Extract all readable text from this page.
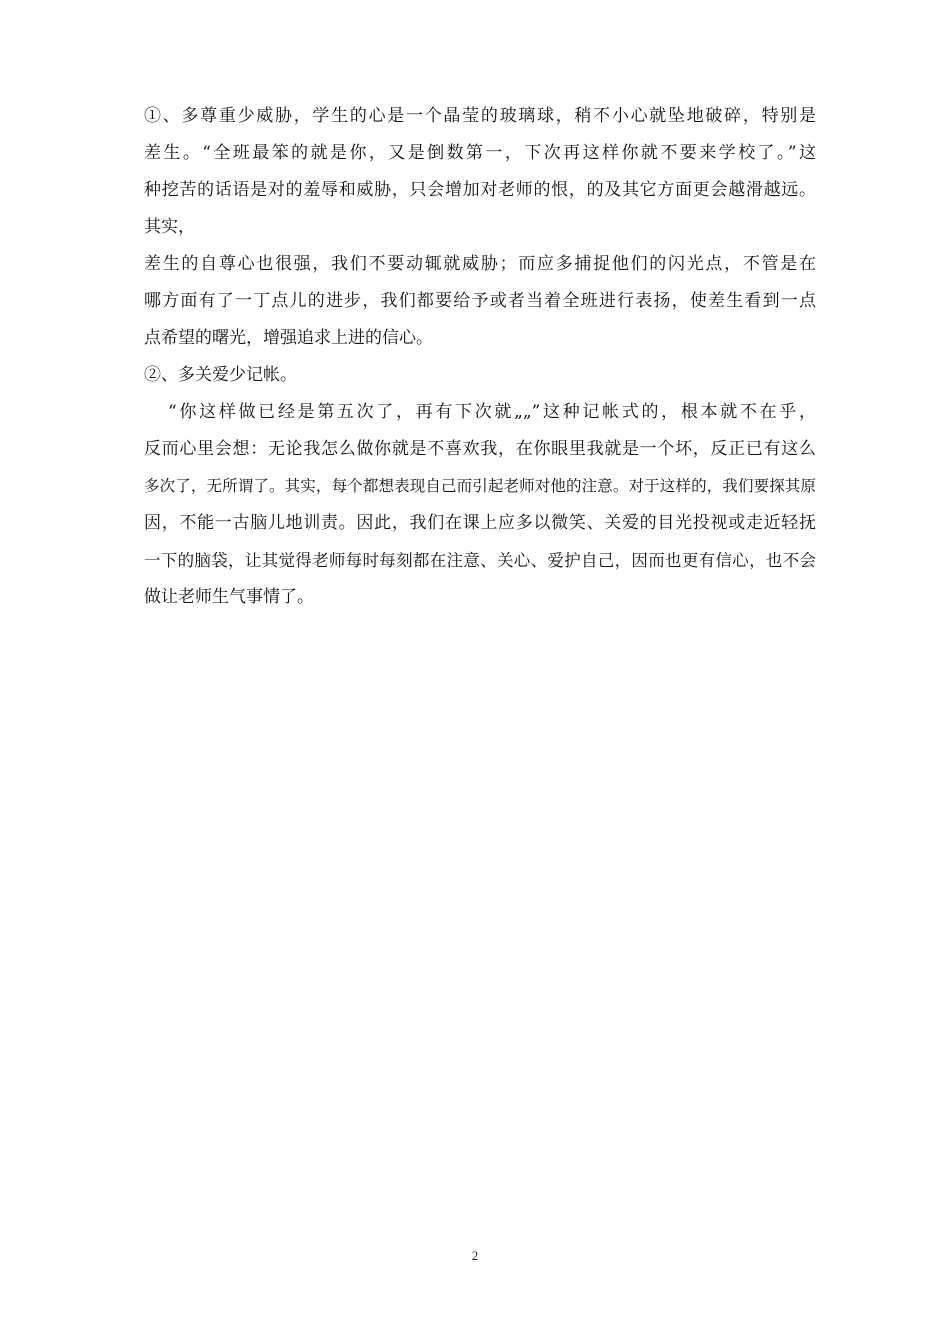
①、多尊重少威胁，学生的心是一个晶莹的玻璃球，稍不小心就坠地破碎，特别是
差生。“全班最笨的就是你，又是倒数第一，下次再这样你就不要来学校了。”这
种挖苦的话语是对的羞辱和威胁，只会增加对老师的恨，的及其它方面更会越滑越远。
其实，
差生的自尊心也很强，我们不要动辄就威胁；而应多捕捉他们的闪光点，不管是在
哪方面有了一丁点儿的进步，我们都要给予或者当着全班进行表扬，使差生看到一点
点希望的曙光，增强追求上进的信心。
②、多关爱少记帐。
“你这样做已经是第五次了，再有下次就„„”这种记帐式的，根本就不在乎，
反而心里会想：无论我怎么做你就是不喜欢我，在你眼里我就是一个坏，反正已有这么
多次了，无所谓了。其实，每个都想表现自己而引起老师对他的注意。对于这样的，我们要探其原
因，不能一古脑儿地训责。因此，我们在课上应多以微笑、关爱的目光投视或走近轻抚
一下的脑袋，让其觉得老师每时每刻都在注意、关心、爱护自己，因而也更有信心，也不会
做让老师生气事情了。
2
